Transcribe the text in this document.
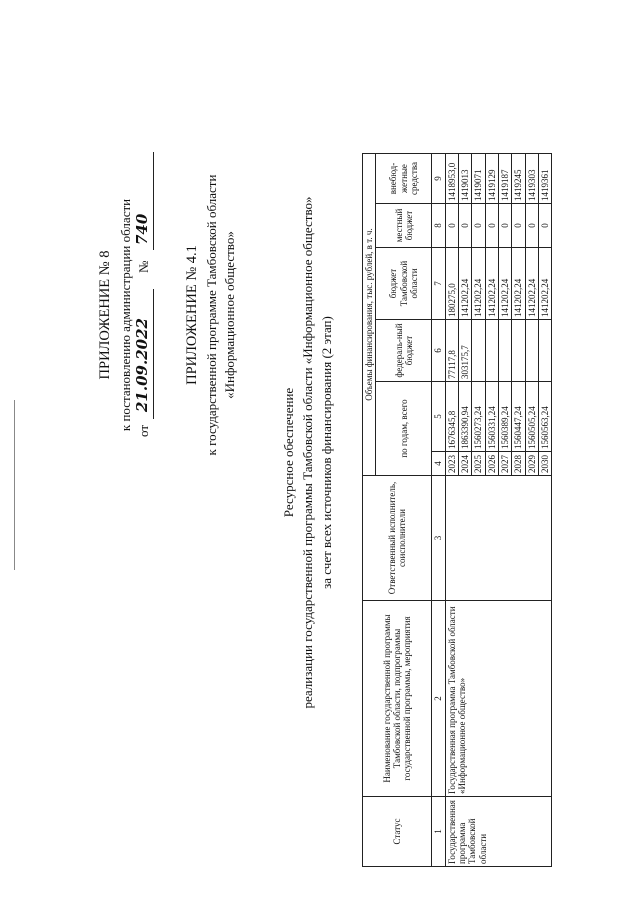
ПРИЛОЖЕНИЕ № 8 к постановлению администрации области от
21.09.2022
№
740
ПРИЛОЖЕНИЕ № 4.1 к государственной программе Тамбовской области «Информационное общество»
Ресурсное обеспечение реализации государственной программы Тамбовской области «Информационное общество» за счет всех источников финансирования (2 этап)
Статус	Наименование государственной программы Тамбовской области, подпрограммы государственной программы, мероприятия	Ответственный исполнитель, соисполнители	Объемы финансирования, тыс. рублей, в т. ч.					
			по годам, всего		федераль-ный бюджет	бюджет Тамбовской области	местный бюджет	внебюд-жетные средства
1	2	3	4	5	6	7	8	9
Государственная программа Тамбовской области	Государственная программа Тамбовской области «Информационное общество»		2023	1676345,8	77117,8	180275,0	0	1418953,0
			2024	1863390,94	303175,7	141202,24	0	1419013
			2025	1560273,24		141202,24	0	1419071
			2026	1560331,24		141202,24	0	1419129
			2027	1560389,24		141202,24	0	1419187
			2028	1560447,24		141202,24	0	1419245
			2029	1560505,24		141202,24	0	1419303
			2030	1560563,24		141202,24	0	1419361
